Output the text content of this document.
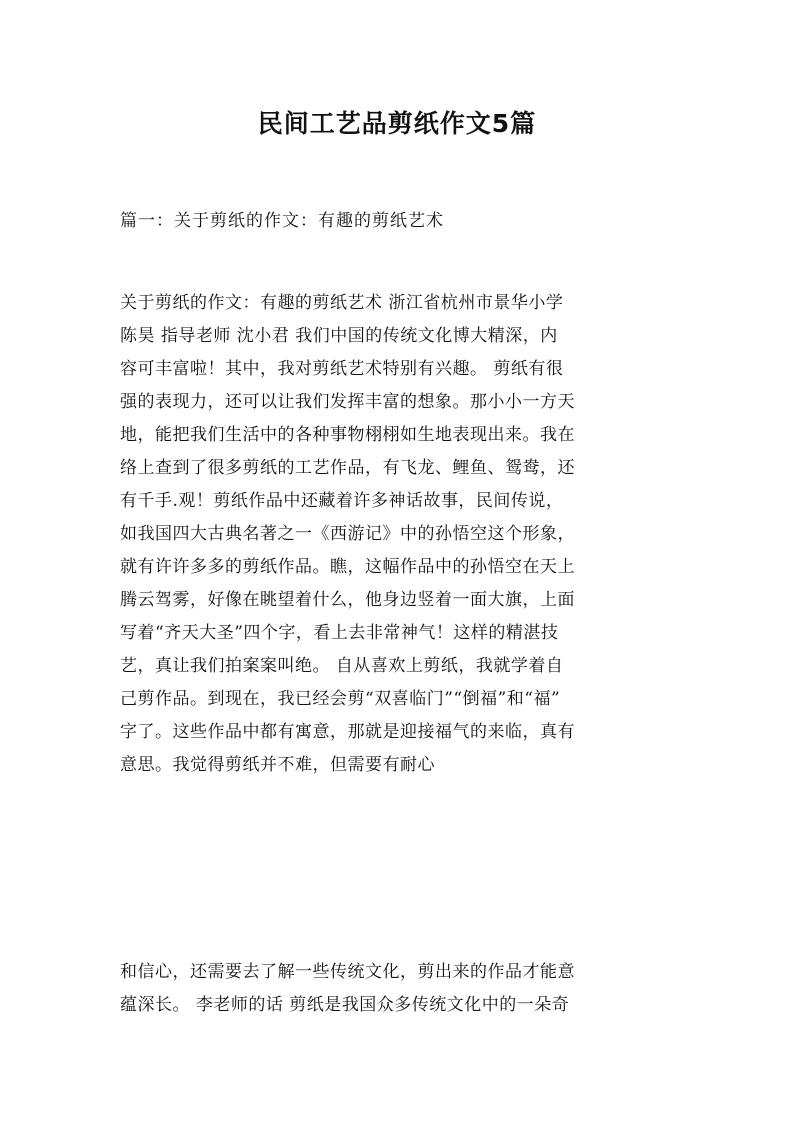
民间工艺品剪纸作文5篇

篇一：关于剪纸的作文：有趣的剪纸艺术

关于剪纸的作文：有趣的剪纸艺术 浙江省杭州市景华小学
陈昊 指导老师 沈小君 我们中国的传统文化博大精深，内
容可丰富啦！其中，我对剪纸艺术特别有兴趣。 剪纸有很
强的表现力，还可以让我们发挥丰富的想象。那小小一方天
地，能把我们生活中的各种事物栩栩如生地表现出来。我在
络上查到了很多剪纸的工艺作品，有飞龙、鲤鱼、鸳鸯，还
有千手.观！剪纸作品中还藏着许多神话故事，民间传说，
如我国四大古典名著之一《西游记》中的孙悟空这个形象，
就有许许多多的剪纸作品。瞧，这幅作品中的孙悟空在天上
腾云驾雾，好像在眺望着什么，他身边竖着一面大旗，上面
写着“齐天大圣”四个字，看上去非常神气！这样的精湛技
艺，真让我们拍案案叫绝。 自从喜欢上剪纸，我就学着自
己剪作品。到现在，我已经会剪“双喜临门”“倒福”和“福”
字了。这些作品中都有寓意，那就是迎接福气的来临，真有
意思。我觉得剪纸并不难，但需要有耐心
和信心，还需要去了解一些传统文化，剪出来的作品才能意
蕴深长。 李老师的话 剪纸是我国众多传统文化中的一朵奇
